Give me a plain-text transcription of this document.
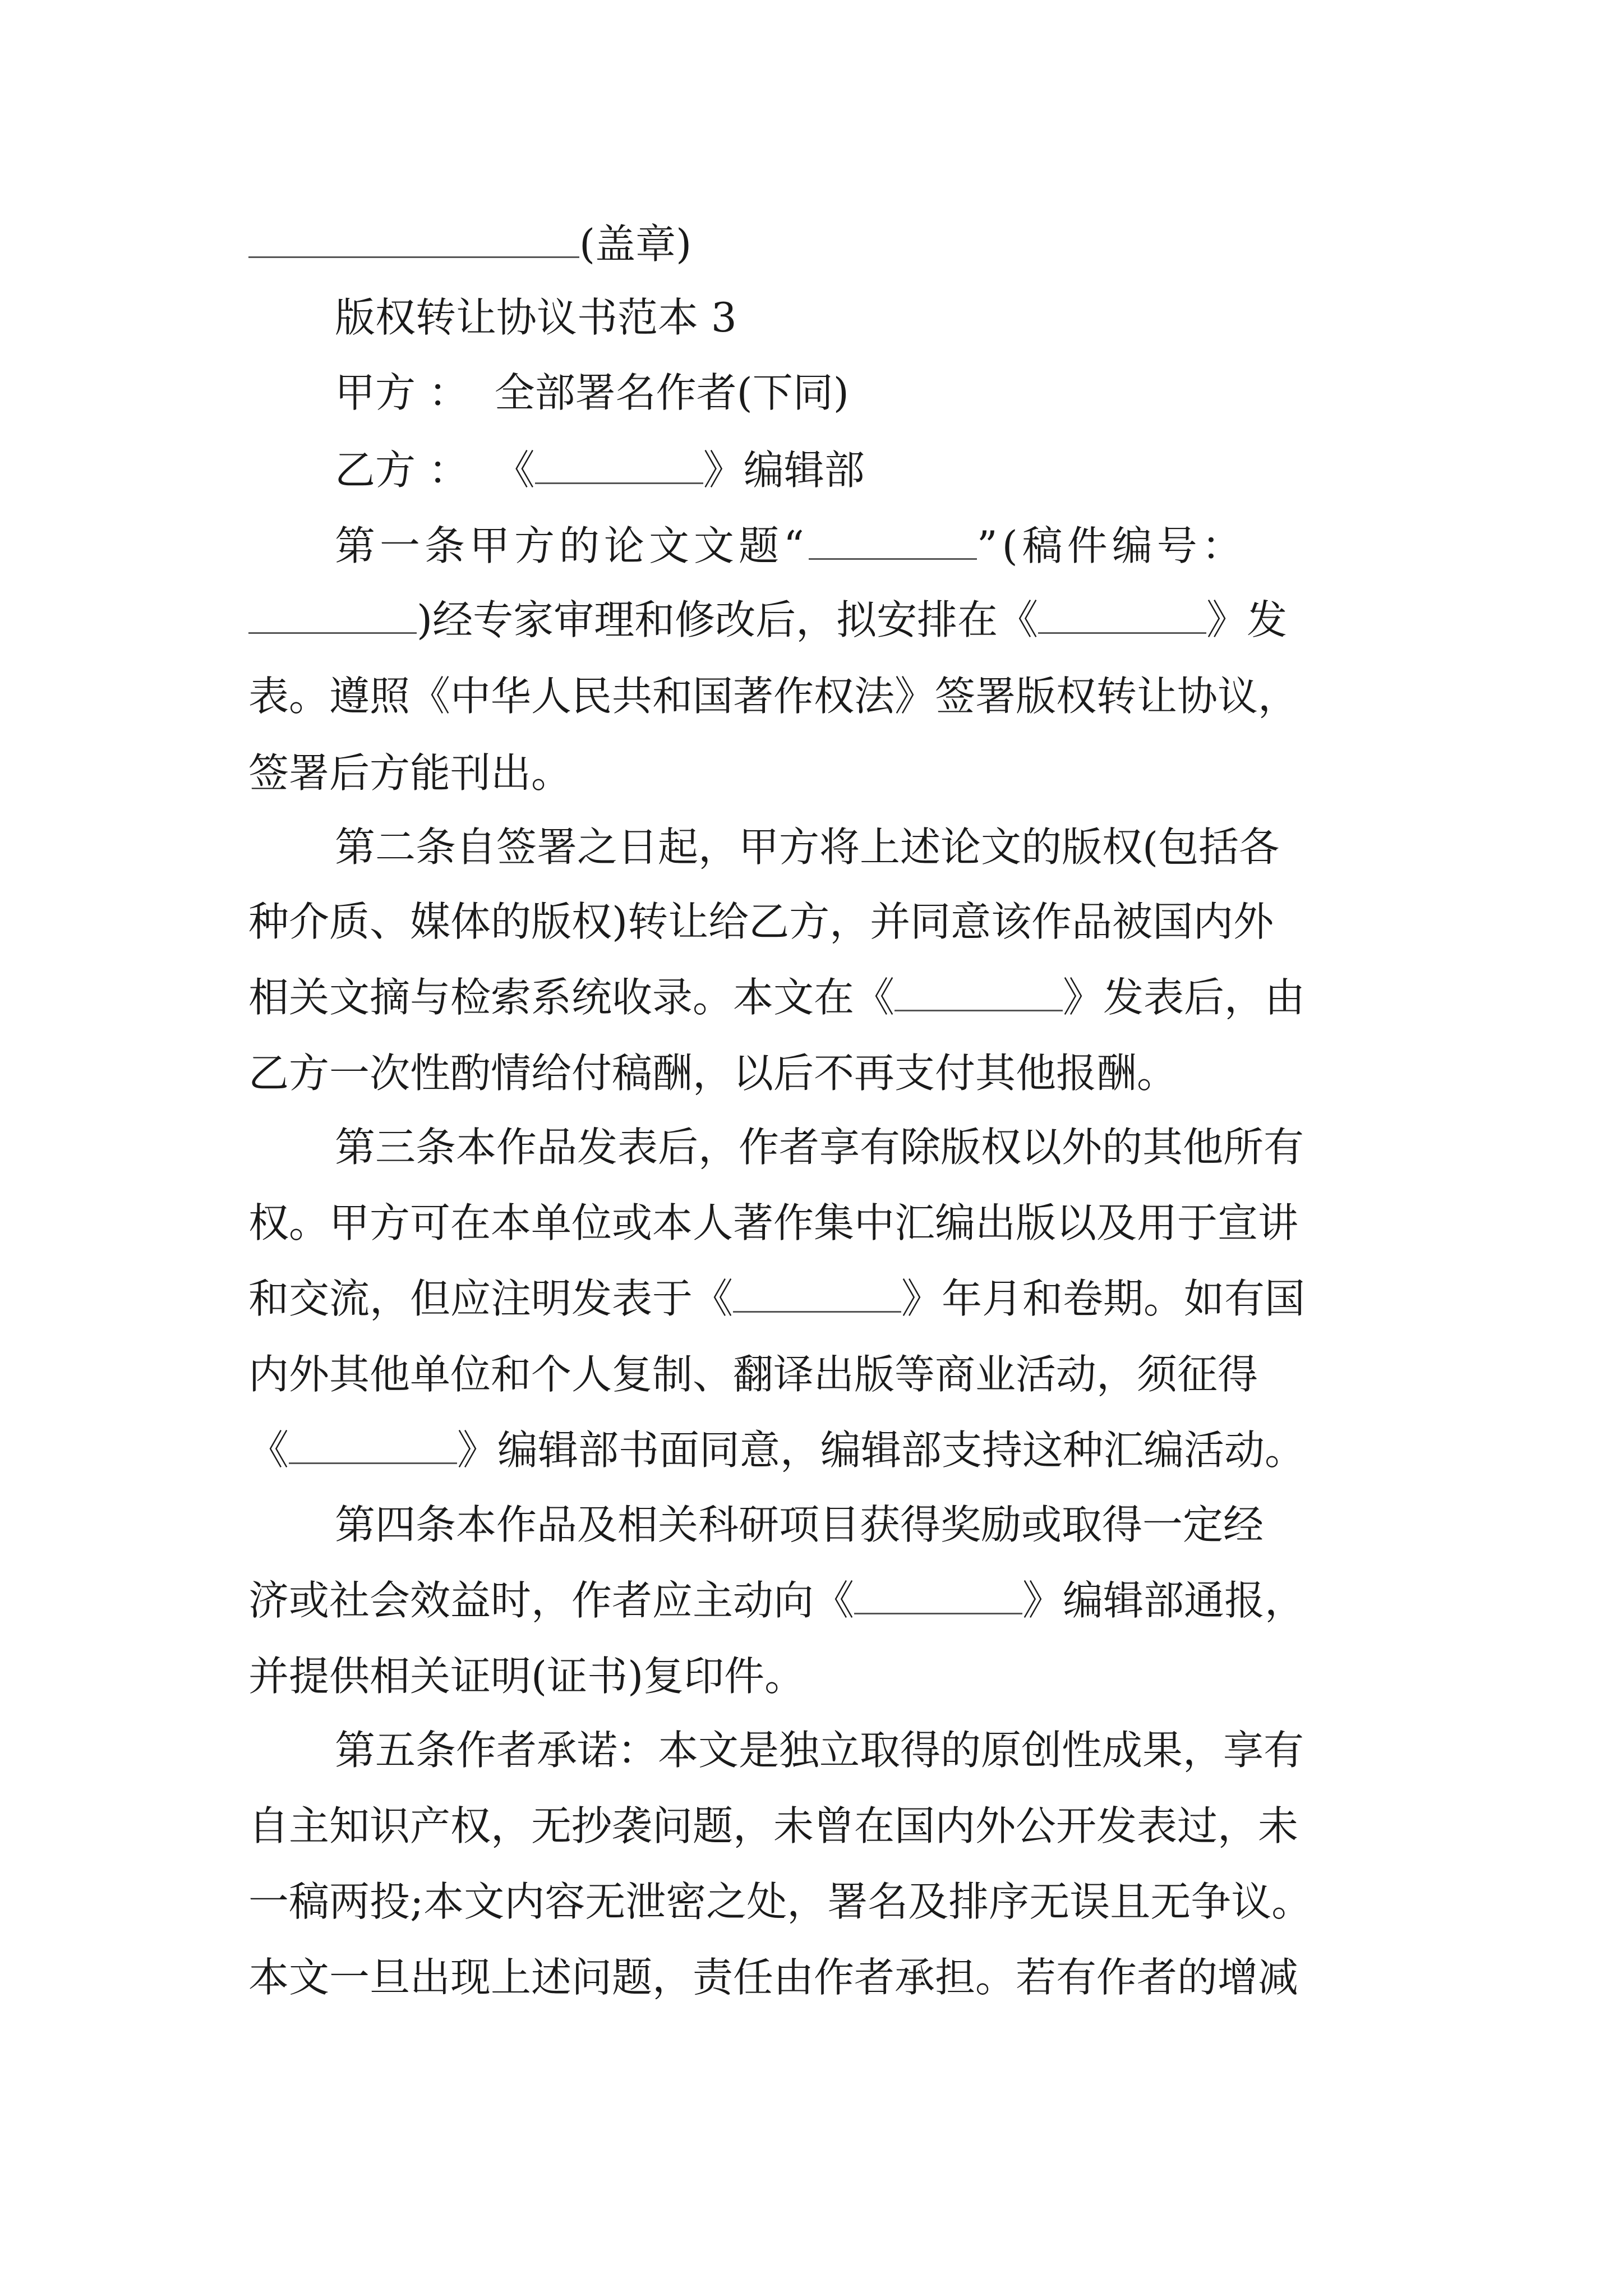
(盖章)
版权转让协议书范本 3
甲方 ： 全部署名作者(下同)
乙方 ： 《	》编辑部
第一条甲方的论文文题“	”(稿件编号：
)经专家审理和修改后，拟安排在《	》发
表。遵照《中华人民共和国著作权法》签署版权转让协议，
签署后方能刊出。
第二条自签署之日起，甲方将上述论文的版权(包括各
种介质、媒体的版权)转让给乙方，并同意该作品被国内外
相关文摘与检索系统收录。本文在《	》发表后，由
乙方一次性酌情给付稿酬，以后不再支付其他报酬。
第三条本作品发表后，作者享有除版权以外的其他所有
权。甲方可在本单位或本人著作集中汇编出版以及用于宣讲
和交流，但应注明发表于《	》年月和卷期。如有国
内外其他单位和个人复制、翻译出版等商业活动，须征得
《	》编辑部书面同意，编辑部支持这种汇编活动。
第四条本作品及相关科研项目获得奖励或取得一定经
济或社会效益时，作者应主动向《	》编辑部通报，
并提供相关证明(证书)复印件。
第五条作者承诺：本文是独立取得的原创性成果，享有
自主知识产权，无抄袭问题，未曾在国内外公开发表过，未
一稿两投;本文内容无泄密之处，署名及排序无误且无争议。
本文一旦出现上述问题，责任由作者承担。若有作者的增减
